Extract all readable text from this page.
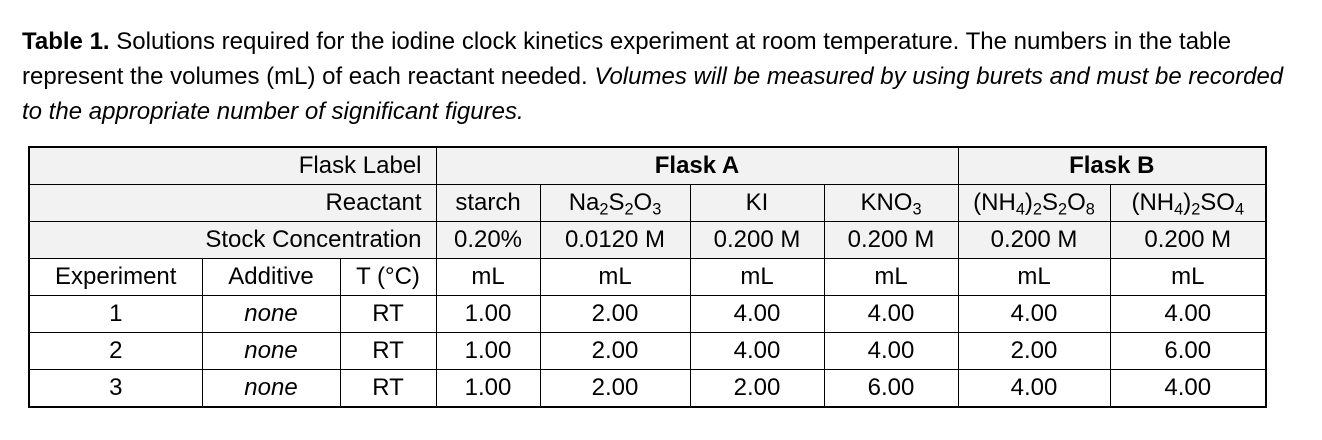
Table 1. Solutions required for the iodine clock kinetics experiment at room temperature. The numbers in the table represent the volumes (mL) of each reactant needed. Volumes will be measured by using burets and must be recorded to the appropriate number of significant figures.

Flask Label			Flask A				Flask B	
Reactant			starch	$Na_2S_2O_3$	KI	$KNO_3$	$(NH_4)_2S_2O_8$	$(NH_4)_2SO_4$
Stock Concentration			0.20%	0.0120 M	0.200 M	0.200 M	0.200 M	0.200 M
Experiment	Additive	T (°C)	mL	mL	mL	mL	mL	mL
1	none	RT	1.00	2.00	4.00	4.00	4.00	4.00
2	none	RT	1.00	2.00	4.00	4.00	2.00	6.00
3	none	RT	1.00	2.00	2.00	6.00	4.00	4.00
